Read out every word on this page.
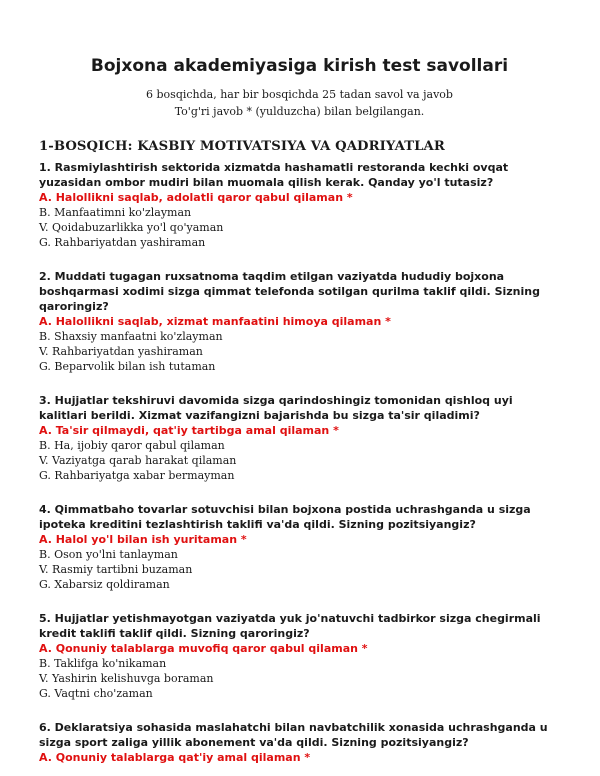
Bojxona akademiyasiga kirish test savollari
6 bosqichda, har bir bosqichda 25 tadan savol va javob
To'g'ri javob * (yulduzcha) bilan belgilangan.
1-BOSQICH: KASBIY MOTIVATSIYA VA QADRIYATLAR

1. Rasmiylashtirish sektorida xizmatda hashamatli restoranda kechki ovqat yuzasidan ombor mudiri bilan muomala qilish kerak. Qanday yo'l tutasiz?

A. Halollikni saqlab, adolatli qaror qabul qilaman *

B. Manfaatimni ko'zlayman

V. Qoidabuzarlikka yo'l qo'yaman

G. Rahbariyatdan yashiraman

2. Muddati tugagan ruxsatnoma taqdim etilgan vaziyatda hududiy bojxona boshqarmasi xodimi sizga qimmat telefonda sotilgan qurilma taklif qildi. Sizning qaroringiz?

A. Halollikni saqlab, xizmat manfaatini himoya qilaman *

B. Shaxsiy manfaatni ko'zlayman

V. Rahbariyatdan yashiraman

G. Beparvolik bilan ish tutaman

3. Hujjatlar tekshiruvi davomida sizga qarindoshingiz tomonidan qishloq uyi kalitlari berildi. Xizmat vazifangizni bajarishda bu sizga ta'sir qiladimi?

A. Ta'sir qilmaydi, qat'iy tartibga amal qilaman *

B. Ha, ijobiy qaror qabul qilaman

V. Vaziyatga qarab harakat qilaman

G. Rahbariyatga xabar bermayman

4. Qimmatbaho tovarlar sotuvchisi bilan bojxona postida uchrashganda u sizga ipoteka kreditini tezlashtirish taklifi va'da qildi. Sizning pozitsiyangiz?

A. Halol yo'l bilan ish yuritaman *

B. Oson yo'lni tanlayman

V. Rasmiy tartibni buzaman

G. Xabarsiz qoldiraman

5. Hujjatlar yetishmayotgan vaziyatda yuk jo'natuvchi tadbirkor sizga chegirmali kredit taklifi taklif qildi. Sizning qaroringiz?

A. Qonuniy talablarga muvofiq qaror qabul qilaman *

B. Taklifga ko'nikaman

V. Yashirin kelishuvga boraman

G. Vaqtni cho'zaman

6. Deklaratsiya sohasida maslahatchi bilan navbatchilik xonasida uchrashganda u sizga sport zaliga yillik abonement va'da qildi. Sizning pozitsiyangiz?

A. Qonuniy talablarga qat'iy amal qilaman *
